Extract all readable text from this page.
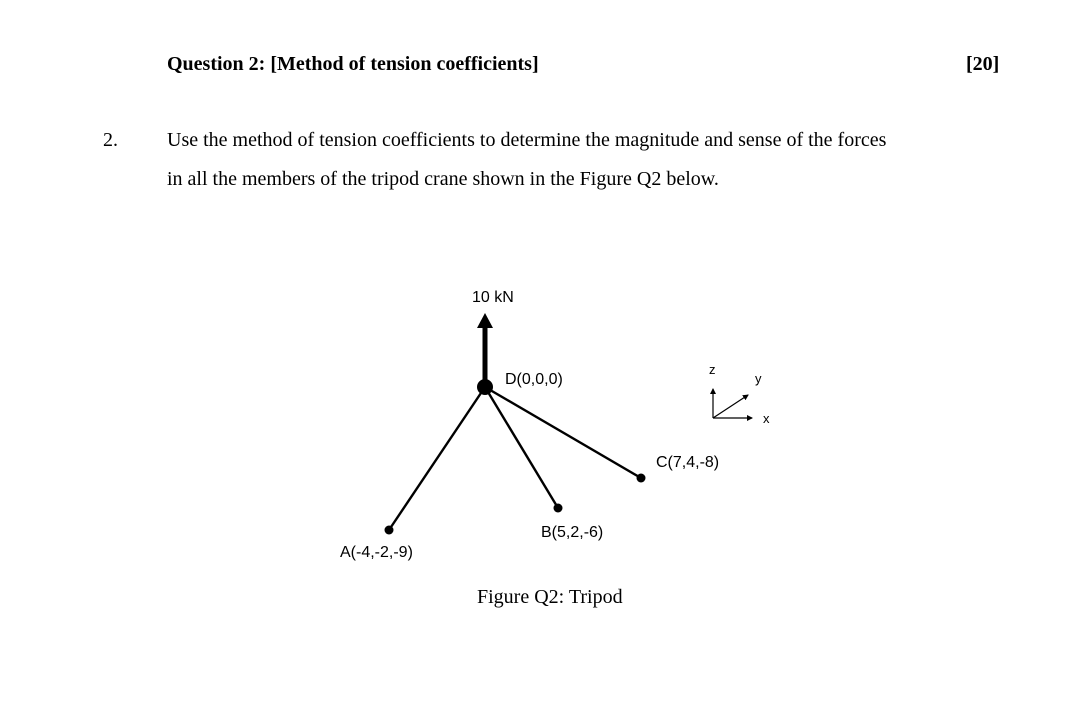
Question 2: [Method of tension coefficients]	[20]
2. Use the method of tension coefficients to determine the magnitude and sense of the forces
in all the members of the tripod crane shown in the Figure Q2 below.
10 kN
D(0,0,0)
A(-4,-2,-9)
B(5,2,-6)
C(7,4,-8)
z
y
x
Figure Q2: Tripod
